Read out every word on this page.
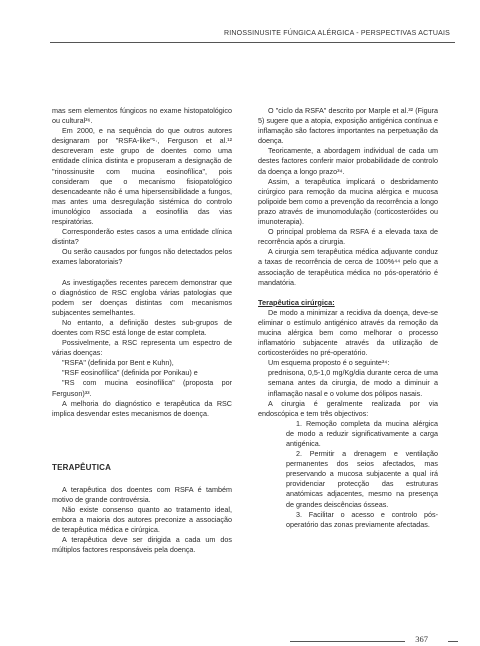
RINOSSINUSITE FÚNGICA ALÉRGICA - PERSPECTIVAS ACTUAIS

mas sem elementos fúngicos no exame histopatológico ou cultural³⁶.

Em 2000, e na sequência do que outros autores designaram por "RSFA-like"¹·, Ferguson et al.¹² descreveram este grupo de doentes como uma entidade clínica distinta e propuseram a designação de "rinossinusite com mucina eosinofílica", pois consideram que o mecanismo fisiopatológico desencadeante não é uma hipersensibilidade a fungos, mas antes uma desregulação sistémica do controlo imunológico associada a eosinofilia das vias respiratórias.

Corresponderão estes casos a uma entidade clínica distinta?

Ou serão causados por fungos não detectados pelos exames laboratoriais?

As investigações recentes parecem demonstrar que o diagnóstico de RSC engloba várias patologias que podem ser doenças distintas com mecanismos subjacentes semelhantes.

No entanto, a definição destes sub-grupos de doentes com RSC está longe de estar completa.

Possivelmente, a RSC representa um espectro de várias doenças:

"RSFA" (definida por Bent e Kuhn),

"RSF eosinofílica" (definida por Ponikau) e

"RS com mucina eosinofílica" (proposta por Ferguson)³³.

A melhoria do diagnóstico e terapêutica da RSC implica desvendar estes mecanismos de doença.

TERAPÊUTICA

A terapêutica dos doentes com RSFA é também motivo de grande controvérsia.

Não existe consenso quanto ao tratamento ideal, embora a maioria dos autores preconize a associação de terapêutica médica e cirúrgica.

A terapêutica deve ser dirigida a cada um dos múltiplos factores responsáveis pela doença.

O "ciclo da RSFA" descrito por Marple et al.³² (Figura 5) sugere que a atopia, exposição antigénica contínua e inflamação são factores importantes na perpetuação da doença.

Teoricamente, a abordagem individual de cada um destes factores conferir maior probabilidade de controlo da doença a longo prazo³⁴.

Assim, a terapêutica implicará o desbridamento cirúrgico para remoção da mucina alérgica e mucosa polipoide bem como a prevenção da recorrência a longo prazo através de imunomodulação (corticosteróides ou imunoterapia).

O principal problema da RSFA é a elevada taxa de recorrência após a cirurgia.

A cirurgia sem terapêutica médica adjuvante conduz a taxas de recorrência de cerca de 100%⁴⁴ pelo que a associação de terapêutica médica no pós-operatório é mandatória.

Terapêutica cirúrgica:

De modo a minimizar a recidiva da doença, deve-se eliminar o estímulo antigénico através da remoção da mucina alérgica bem como melhorar o processo inflamatório subjacente através da utilização de corticosteróides no pré-operatório.

Um esquema proposto é o seguinte³⁴:

prednisona, 0,5-1,0 mg/Kg/dia durante cerca de uma semana antes da cirurgia, de modo a diminuir a inflamação nasal e o volume dos pólipos nasais.

A cirurgia é geralmente realizada por via endoscópica e tem três objectivos:

1. Remoção completa da mucina alérgica de modo a reduzir significativamente a carga antigénica.

2. Permitir a drenagem e ventilação permanentes dos seios afectados, mas preservando a mucosa subjacente a qual irá providenciar protecção das estruturas anatómicas adjacentes, mesmo na presença de grandes deiscências ósseas.

3. Facilitar o acesso e controlo pós-operatório das zonas previamente afectadas.

367
